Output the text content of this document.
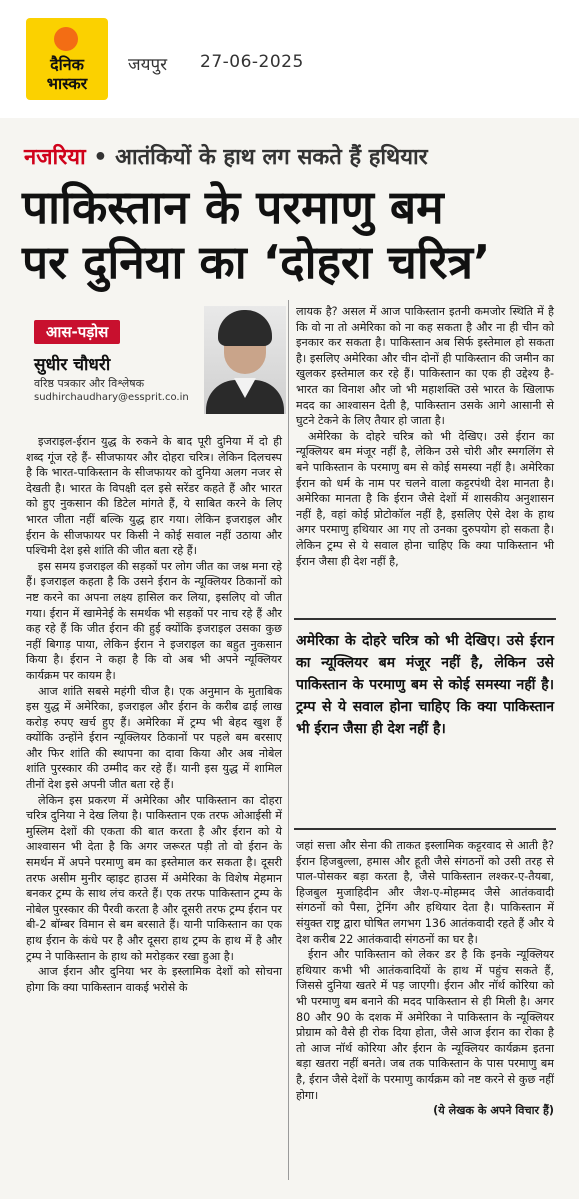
दैनिक
भास्कर
जयपुर 27-06-2025
नजरिया • आतंकियों के हाथ लग सकते हैं हथियार
पाकिस्तान के परमाणु बम
पर दुनिया का ‘दोहरा चरित्र’
आस-पड़ोस
सुधीर चौधरी
वरिष्ठ पत्रकार और विश्लेषक
sudhirchaudhary@essprit.co.in

इजराइल-ईरान युद्ध के रुकने के बाद पूरी दुनिया में दो ही शब्द गूंज रहे हैं- सीजफायर और दोहरा चरित्र। लेकिन दिलचस्प है कि भारत-पाकिस्तान के सीजफायर को दुनिया अलग नजर से देखती है। भारत के विपक्षी दल इसे सरेंडर कहते हैं और भारत को हुए नुकसान की डिटेल मांगते हैं, ये साबित करने के लिए भारत जीता नहीं बल्कि युद्ध हार गया। लेकिन इजराइल और ईरान के सीजफायर पर किसी ने कोई सवाल नहीं उठाया और पश्चिमी देश इसे शांति की जीत बता रहे हैं।

इस समय इजराइल की सड़कों पर लोग जीत का जश्न मना रहे हैं। इजराइल कहता है कि उसने ईरान के न्यूक्लियर ठिकानों को नष्ट करने का अपना लक्ष्य हासिल कर लिया, इसलिए वो जीत गया। ईरान में खामेनेई के समर्थक भी सड़कों पर नाच रहे हैं और कह रहे हैं कि जीत ईरान की हुई क्योंकि इजराइल उसका कुछ नहीं बिगाड़ पाया, लेकिन ईरान ने इजराइल का बहुत नुकसान किया है। ईरान ने कहा है कि वो अब भी अपने न्यूक्लियर कार्यक्रम पर कायम है।

आज शांति सबसे महंगी चीज है। एक अनुमान के मुताबिक इस युद्ध में अमेरिका, इजराइल और ईरान के करीब ढाई लाख करोड़ रुपए खर्च हुए हैं। अमेरिका में ट्रम्प भी बेहद खुश हैं क्योंकि उन्होंने ईरान न्यूक्लियर ठिकानों पर पहले बम बरसाए और फिर शांति की स्थापना का दावा किया और अब नोबेल शांति पुरस्कार की उम्मीद कर रहे हैं। यानी इस युद्ध में शामिल तीनों देश इसे अपनी जीत बता रहे हैं।

लेकिन इस प्रकरण में अमेरिका और पाकिस्तान का दोहरा चरित्र दुनिया ने देख लिया है। पाकिस्तान एक तरफ ओआईसी में मुस्लिम देशों की एकता की बात करता है और ईरान को ये आश्वासन भी देता है कि अगर जरूरत पड़ी तो वो ईरान के समर्थन में अपने परमाणु बम का इस्तेमाल कर सकता है। दूसरी तरफ असीम मुनीर व्हाइट हाउस में अमेरिका के विशेष मेहमान बनकर ट्रम्प के साथ लंच करते हैं। एक तरफ पाकिस्तान ट्रम्प के नोबेल पुरस्कार की पैरवी करता है और दूसरी तरफ ट्रम्प ईरान पर बी-2 बॉम्बर विमान से बम बरसाते हैं। यानी पाकिस्तान का एक हाथ ईरान के कंधे पर है और दूसरा हाथ ट्रम्प के हाथ में है और ट्रम्प ने पाकिस्तान के हाथ को मरोड़कर रखा हुआ है।

आज ईरान और दुनिया भर के इस्लामिक देशों को सोचना होगा कि क्या पाकिस्तान वाकई भरोसे के

लायक है? असल में आज पाकिस्तान इतनी कमजोर स्थिति में है कि वो ना तो अमेरिका को ना कह सकता है और ना ही चीन को इनकार कर सकता है। पाकिस्तान अब सिर्फ इस्तेमाल हो सकता है। इसलिए अमेरिका और चीन दोनों ही पाकिस्तान की जमीन का खुलकर इस्तेमाल कर रहे हैं। पाकिस्तान का एक ही उद्देश्य है- भारत का विनाश और जो भी महाशक्ति उसे भारत के खिलाफ मदद का आश्वासन देती है, पाकिस्तान उसके आगे आसानी से घुटने टेकने के लिए तैयार हो जाता है।

अमेरिका के दोहरे चरित्र को भी देखिए। उसे ईरान का न्यूक्लियर बम मंजूर नहीं है, लेकिन उसे चोरी और स्मगलिंग से बने पाकिस्तान के परमाणु बम से कोई समस्या नहीं है। अमेरिका ईरान को धर्म के नाम पर चलने वाला कट्टरपंथी देश मानता है। अमेरिका मानता है कि ईरान जैसे देशों में शासकीय अनुशासन नहीं है, वहां कोई प्रोटोकॉल नहीं है, इसलिए ऐसे देश के हाथ अगर परमाणु हथियार आ गए तो उनका दुरुपयोग हो सकता है। लेकिन ट्रम्प से ये सवाल होना चाहिए कि क्या पाकिस्तान भी ईरान जैसा ही देश नहीं है,

अमेरिका के दोहरे चरित्र को भी देखिए। उसे ईरान का न्यूक्लियर बम मंजूर नहीं है, लेकिन उसे पाकिस्तान के परमाणु बम से कोई समस्या नहीं है। ट्रम्प से ये सवाल होना चाहिए कि क्या पाकिस्तान भी ईरान जैसा ही देश नहीं है।

जहां सत्ता और सेना की ताकत इस्लामिक कट्टरवाद से आती है? ईरान हिजबुल्ला, हमास और हूती जैसे संगठनों को उसी तरह से पाल-पोसकर बड़ा करता है, जैसे पाकिस्तान लश्कर-ए-तैयबा, हिजबुल मुजाहिदीन और जैश-ए-मोहम्मद जैसे आतंकवादी संगठनों को पैसा, ट्रेनिंग और हथियार देता है। पाकिस्तान में संयुक्त राष्ट्र द्वारा घोषित लगभग 136 आतंकवादी रहते हैं और ये देश करीब 22 आतंकवादी संगठनों का घर है।

ईरान और पाकिस्तान को लेकर डर है कि इनके न्यूक्लियर हथियार कभी भी आतंकवादियों के हाथ में पहुंच सकते हैं, जिससे दुनिया खतरे में पड़ जाएगी। ईरान और नॉर्थ कोरिया को भी परमाणु बम बनाने की मदद पाकिस्तान से ही मिली है। अगर 80 और 90 के दशक में अमेरिका ने पाकिस्तान के न्यूक्लियर प्रोग्राम को वैसे ही रोक दिया होता, जैसे आज ईरान का रोका है तो आज नॉर्थ कोरिया और ईरान के न्यूक्लियर कार्यक्रम इतना बड़ा खतरा नहीं बनते। जब तक पाकिस्तान के पास परमाणु बम है, ईरान जैसे देशों के परमाणु कार्यक्रम को नष्ट करने से कुछ नहीं होगा।

(ये लेखक के अपने विचार हैं)
